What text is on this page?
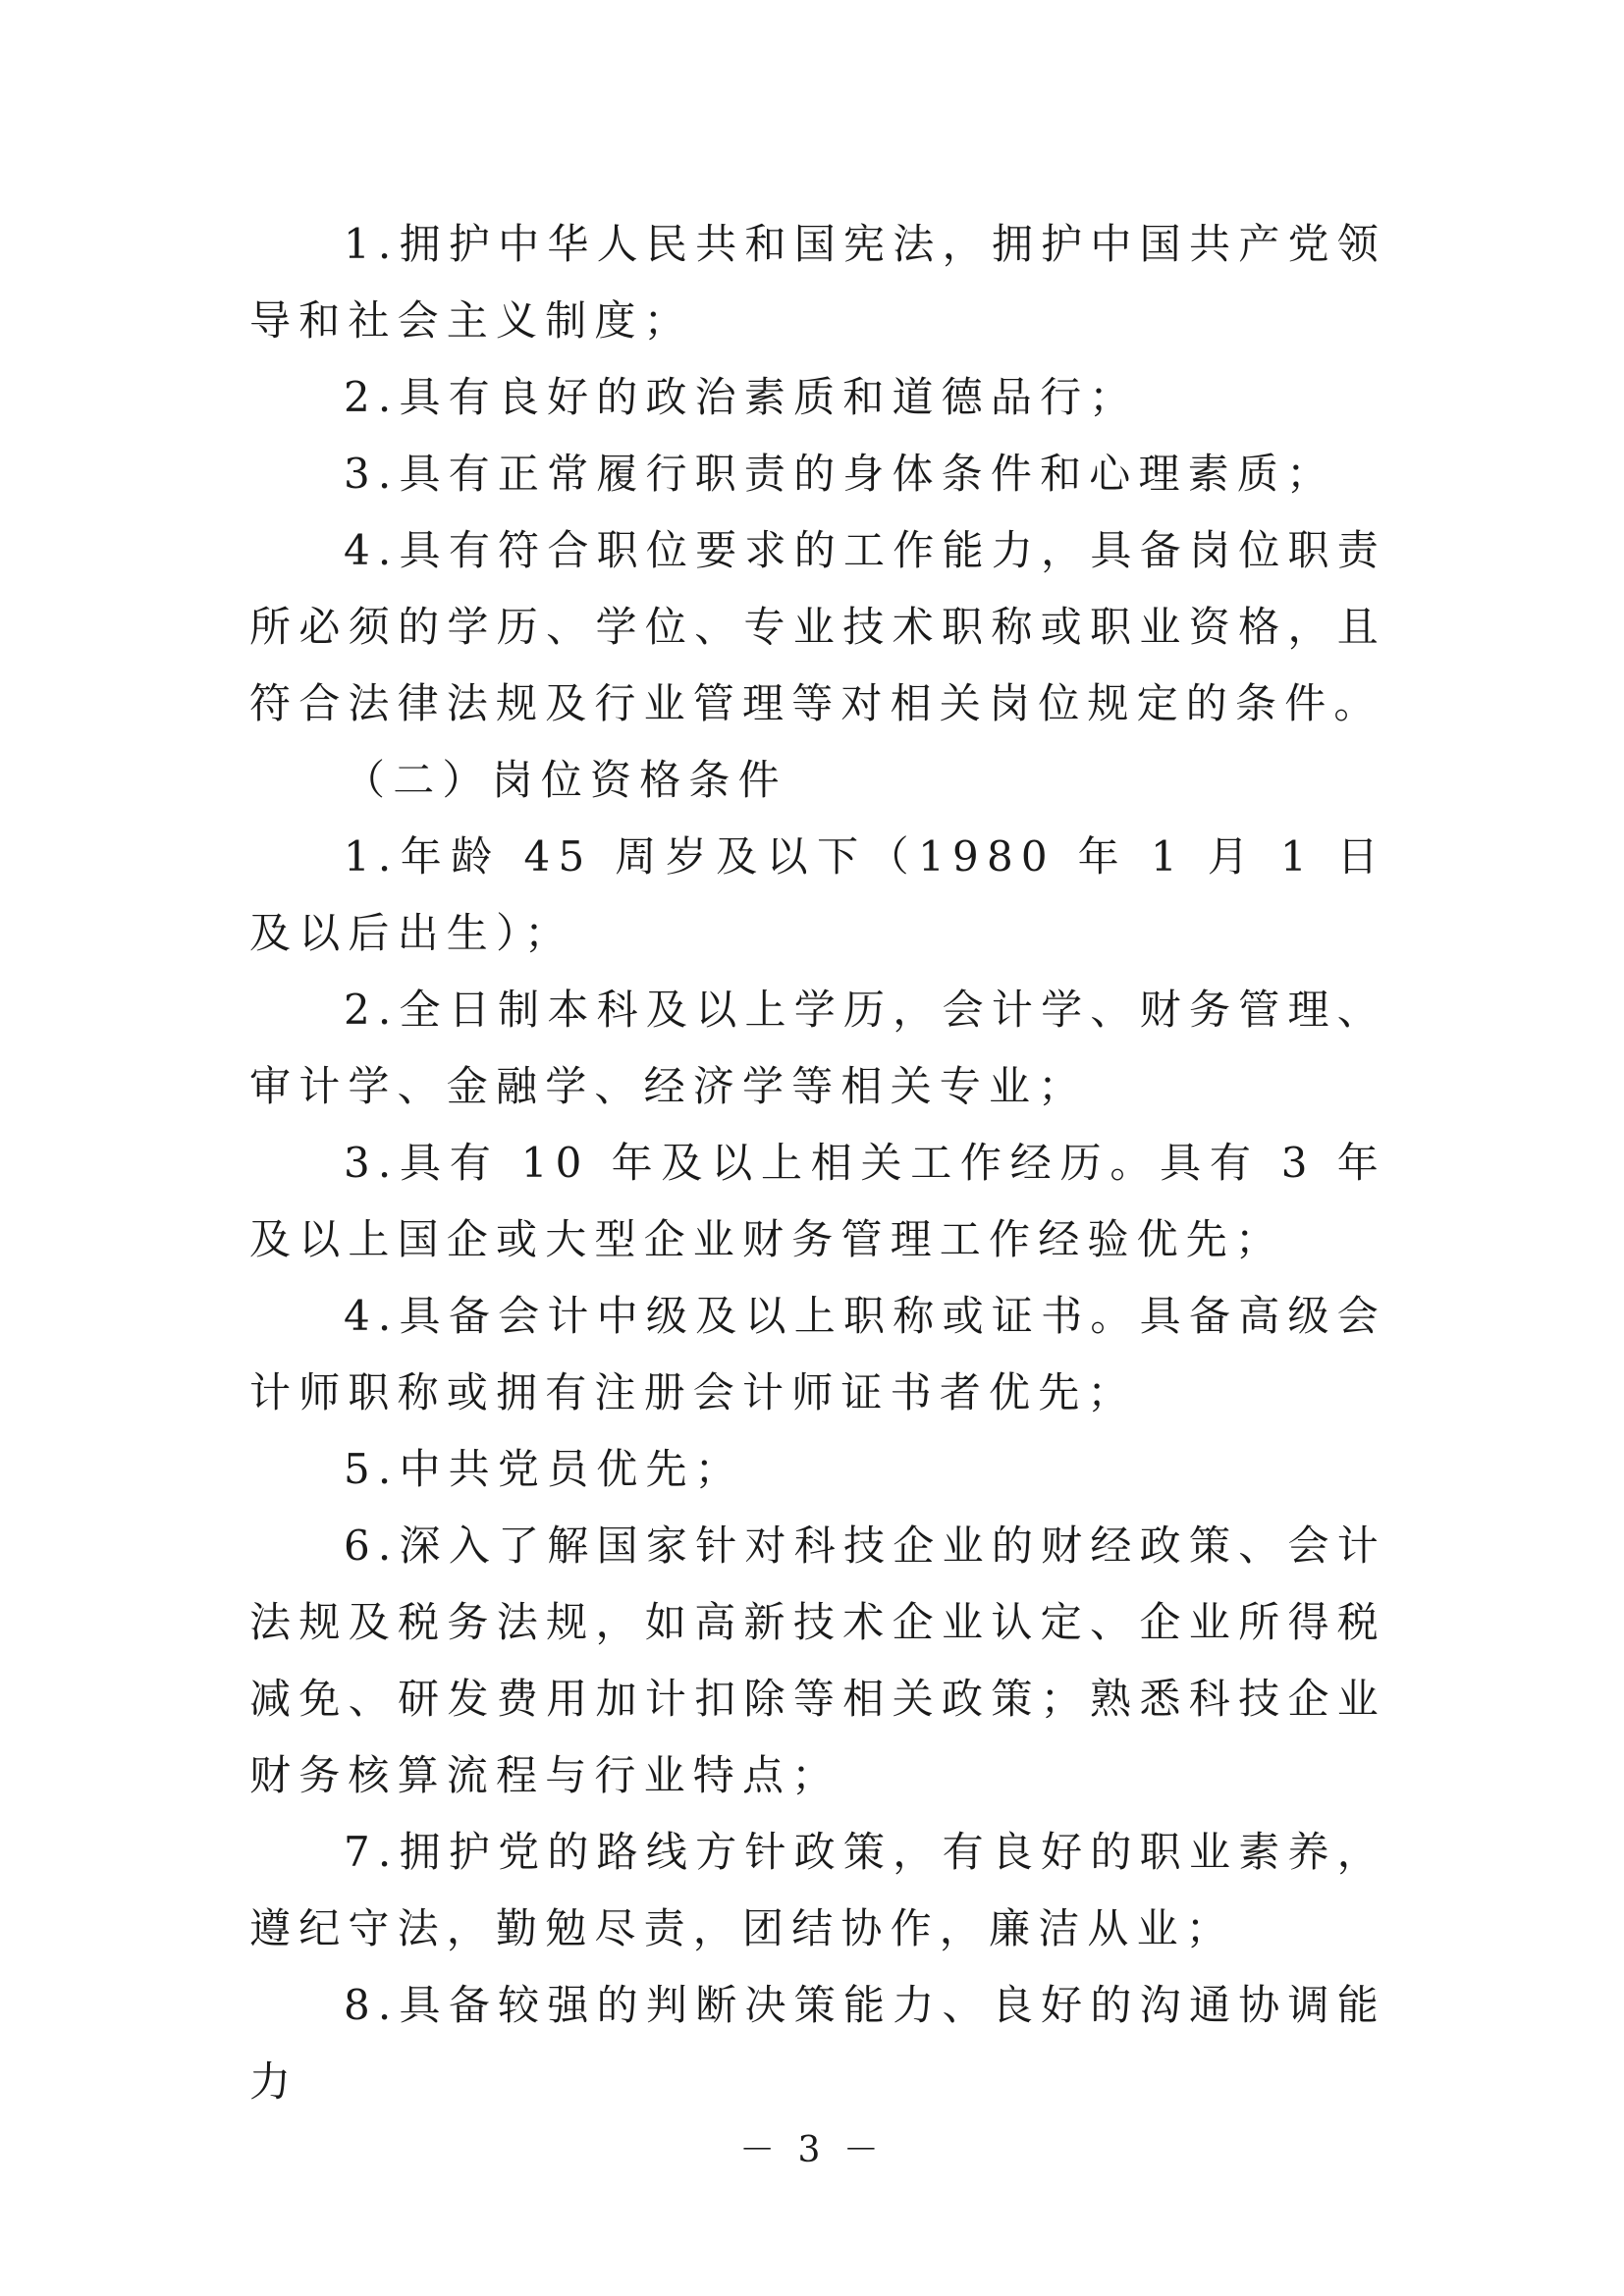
1.拥护中华人民共和国宪法，拥护中国共产党领导和社会主义制度；

2.具有良好的政治素质和道德品行；

3.具有正常履行职责的身体条件和心理素质；

4.具有符合职位要求的工作能力，具备岗位职责所必须的学历、学位、专业技术职称或职业资格，且符合法律法规及行业管理等对相关岗位规定的条件。

（二）岗位资格条件

1.年龄 45 周岁及以下（1980 年 1 月 1 日及以后出生）；

2.全日制本科及以上学历，会计学、财务管理、审计学、金融学、经济学等相关专业；

3.具有 10 年及以上相关工作经历。具有 3 年及以上国企或大型企业财务管理工作经验优先；

4.具备会计中级及以上职称或证书。具备高级会计师职称或拥有注册会计师证书者优先；

5.中共党员优先；

6.深入了解国家针对科技企业的财经政策、会计法规及税务法规，如高新技术企业认定、企业所得税减免、研发费用加计扣除等相关政策；熟悉科技企业财务核算流程与行业特点；

7.拥护党的路线方针政策，有良好的职业素养，遵纪守法，勤勉尽责，团结协作，廉洁从业；

8.具备较强的判断决策能力、良好的沟通协调能力

－ 3 －
